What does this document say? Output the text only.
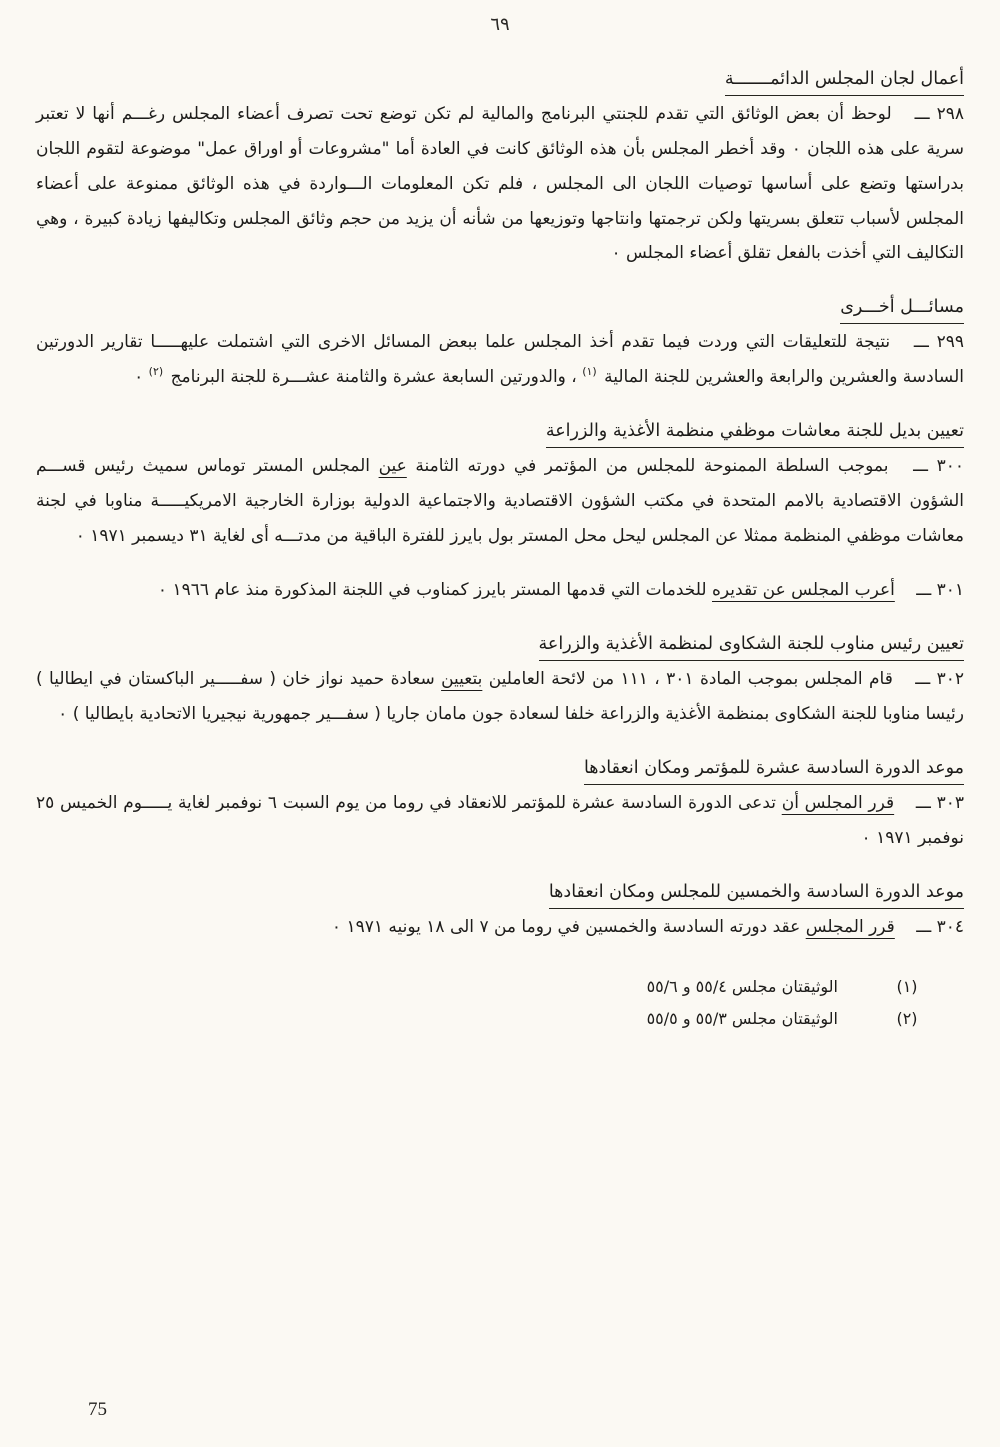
٦٩
أعمال لجان المجلس الدائمـــــــة

٢٩٨ ـــ لوحظ أن بعض الوثائق التي تقدم للجنتي البرنامج والمالية لم تكن توضع تحت تصرف أعضاء المجلس رغـــم أنها لا تعتبر سرية على هذه اللجان ٠ وقد أخطر المجلس بأن هذه الوثائق كانت في العادة أما "مشروعات أو اوراق عمل" موضوعة لتقوم اللجان بدراستها وتضع على أساسها توصيات اللجان الى المجلس ، فلم تكن المعلومات الـــواردة في هذه الوثائق ممنوعة على أعضاء المجلس لأسباب تتعلق بسريتها ولكن ترجمتها وانتاجها وتوزيعها من شأنه أن يزيد من حجم وثائق المجلس وتكاليفها زيادة كبيرة ، وهي التكاليف التي أخذت بالفعل تقلق أعضاء المجلس ٠

مسائـــل أخـــرى

٢٩٩ ـــ نتيجة للتعليقات التي وردت فيما تقدم أخذ المجلس علما ببعض المسائل الاخرى التي اشتملت عليهـــــا تقارير الدورتين السادسة والعشرين والرابعة والعشرين للجنة المالية $^{(١)}$ ، والدورتين السابعة عشرة والثامنة عشـــرة للجنة البرنامج $^{(٢)}$ ٠

تعيين بديل للجنة معاشات موظفي منظمة الأغذية والزراعة

٣٠٠ ـــ بموجب السلطة الممنوحة للمجلس من المؤتمر في دورته الثامنة عين المجلس المستر توماس سميث رئيس قســـم الشؤون الاقتصادية بالامم المتحدة في مكتب الشؤون الاقتصادية والاجتماعية الدولية بوزارة الخارجية الامريكيـــــة مناوبا في لجنة معاشات موظفي المنظمة ممثلا عن المجلس ليحل محل المستر بول بايرز للفترة الباقية من مدتـــه أى لغاية ٣١ ديسمبر ١٩٧١ ٠

٣٠١ ـــ أعرب المجلس عن تقديره للخدمات التي قدمها المستر بايرز كمناوب في اللجنة المذكورة منذ عام ١٩٦٦ ٠

تعيين رئيس مناوب للجنة الشكاوى لمنظمة الأغذية والزراعة

٣٠٢ ـــ قام المجلس بموجب المادة ٣٠١ ، ١١١ من لائحة العاملين بتعيين سعادة حميد نواز خان ( سفـــــير الباكستان في ايطاليا ) رئيسا مناوبا للجنة الشكاوى بمنظمة الأغذية والزراعة خلفا لسعادة جون مامان جاريا ( سفـــير جمهورية نيجيريا الاتحادية بايطاليا ) ٠

موعد الدورة السادسة عشرة للمؤتمر ومكان انعقادها

٣٠٣ ـــ قرر المجلس أن تدعى الدورة السادسة عشرة للمؤتمر للانعقاد في روما من يوم السبت ٦ نوفمبر لغاية يـــــوم الخميس ٢٥ نوفمبر ١٩٧١ ٠

موعد الدورة السادسة والخمسين للمجلس ومكان انعقادها

٣٠٤ ـــ قرر المجلس عقد دورته السادسة والخمسين في روما من ٧ الى ١٨ يونيه ١٩٧١ ٠

(١)
الوثيقتان مجلس ٥٥/٤ و ٥٥/٦
(٢)
الوثيقتان مجلس ٥٥/٣ و ٥٥/٥
75
